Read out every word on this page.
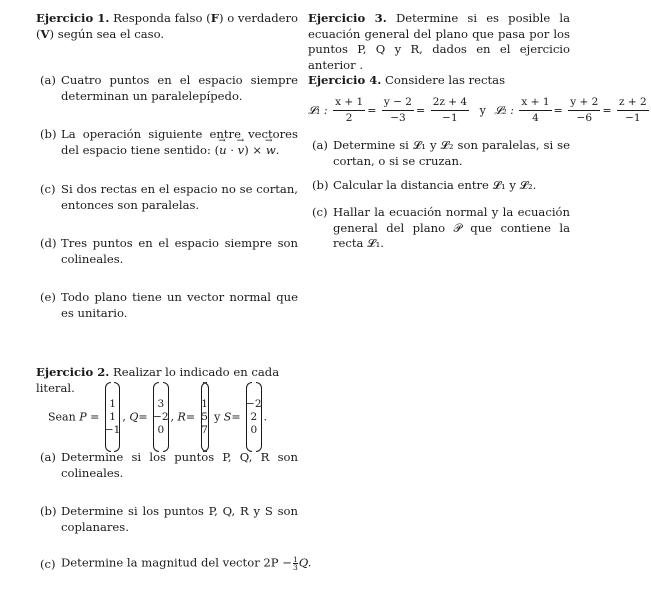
Ejercicio 1. Responda falso (F) o verdadero (V) según sea el caso.
(a) Cuatro puntos en el espacio siempre determinan un paralelepípedo.
(b) La operación siguiente entre vectores del espacio tiene sentido: (→ u · → v) × → w.
(c) Si dos rectas en el espacio no se cortan, entonces son paralelas.
(d) Tres puntos en el espacio siempre son colineales.
(e) Todo plano tiene un vector normal que es unitario.
Ejercicio 2. Realizar lo indicado en cada literal.
Sean P =
1
1
−1
, Q=
3
−2
0
, R=
1
5
7
y S=
−2
2
0
.
(a) Determine si los puntos P, Q, R son colineales.
(b) Determine si los puntos P, Q, R y S son coplanares.
(c) Determine la magnitud del vector $2P - \frac{1}{3} Q$.
Ejercicio 3. Determine si es posible la ecuación general del plano que pasa por los puntos P, Q y R, dados en el ejercicio anterior .
Ejercicio 4. Considere las rectas
𝓛₁ : $\frac{x + 1}{2} = \frac{y - 2}{-3} = \frac{2z + 4}{-1}$ y 𝓛₂ : $\frac{x + 1}{4} = \frac{y + 2}{-6} = \frac{z + 2}{-1}$
(a) Determine si 𝓛₁ y 𝓛₂ son paralelas, si se cortan, o si se cruzan.
(b) Calcular la distancia entre 𝓛₁ y 𝓛₂.
(c) Hallar la ecuación normal y la ecuación general del plano 𝒫 que contiene la recta 𝓛₁.
